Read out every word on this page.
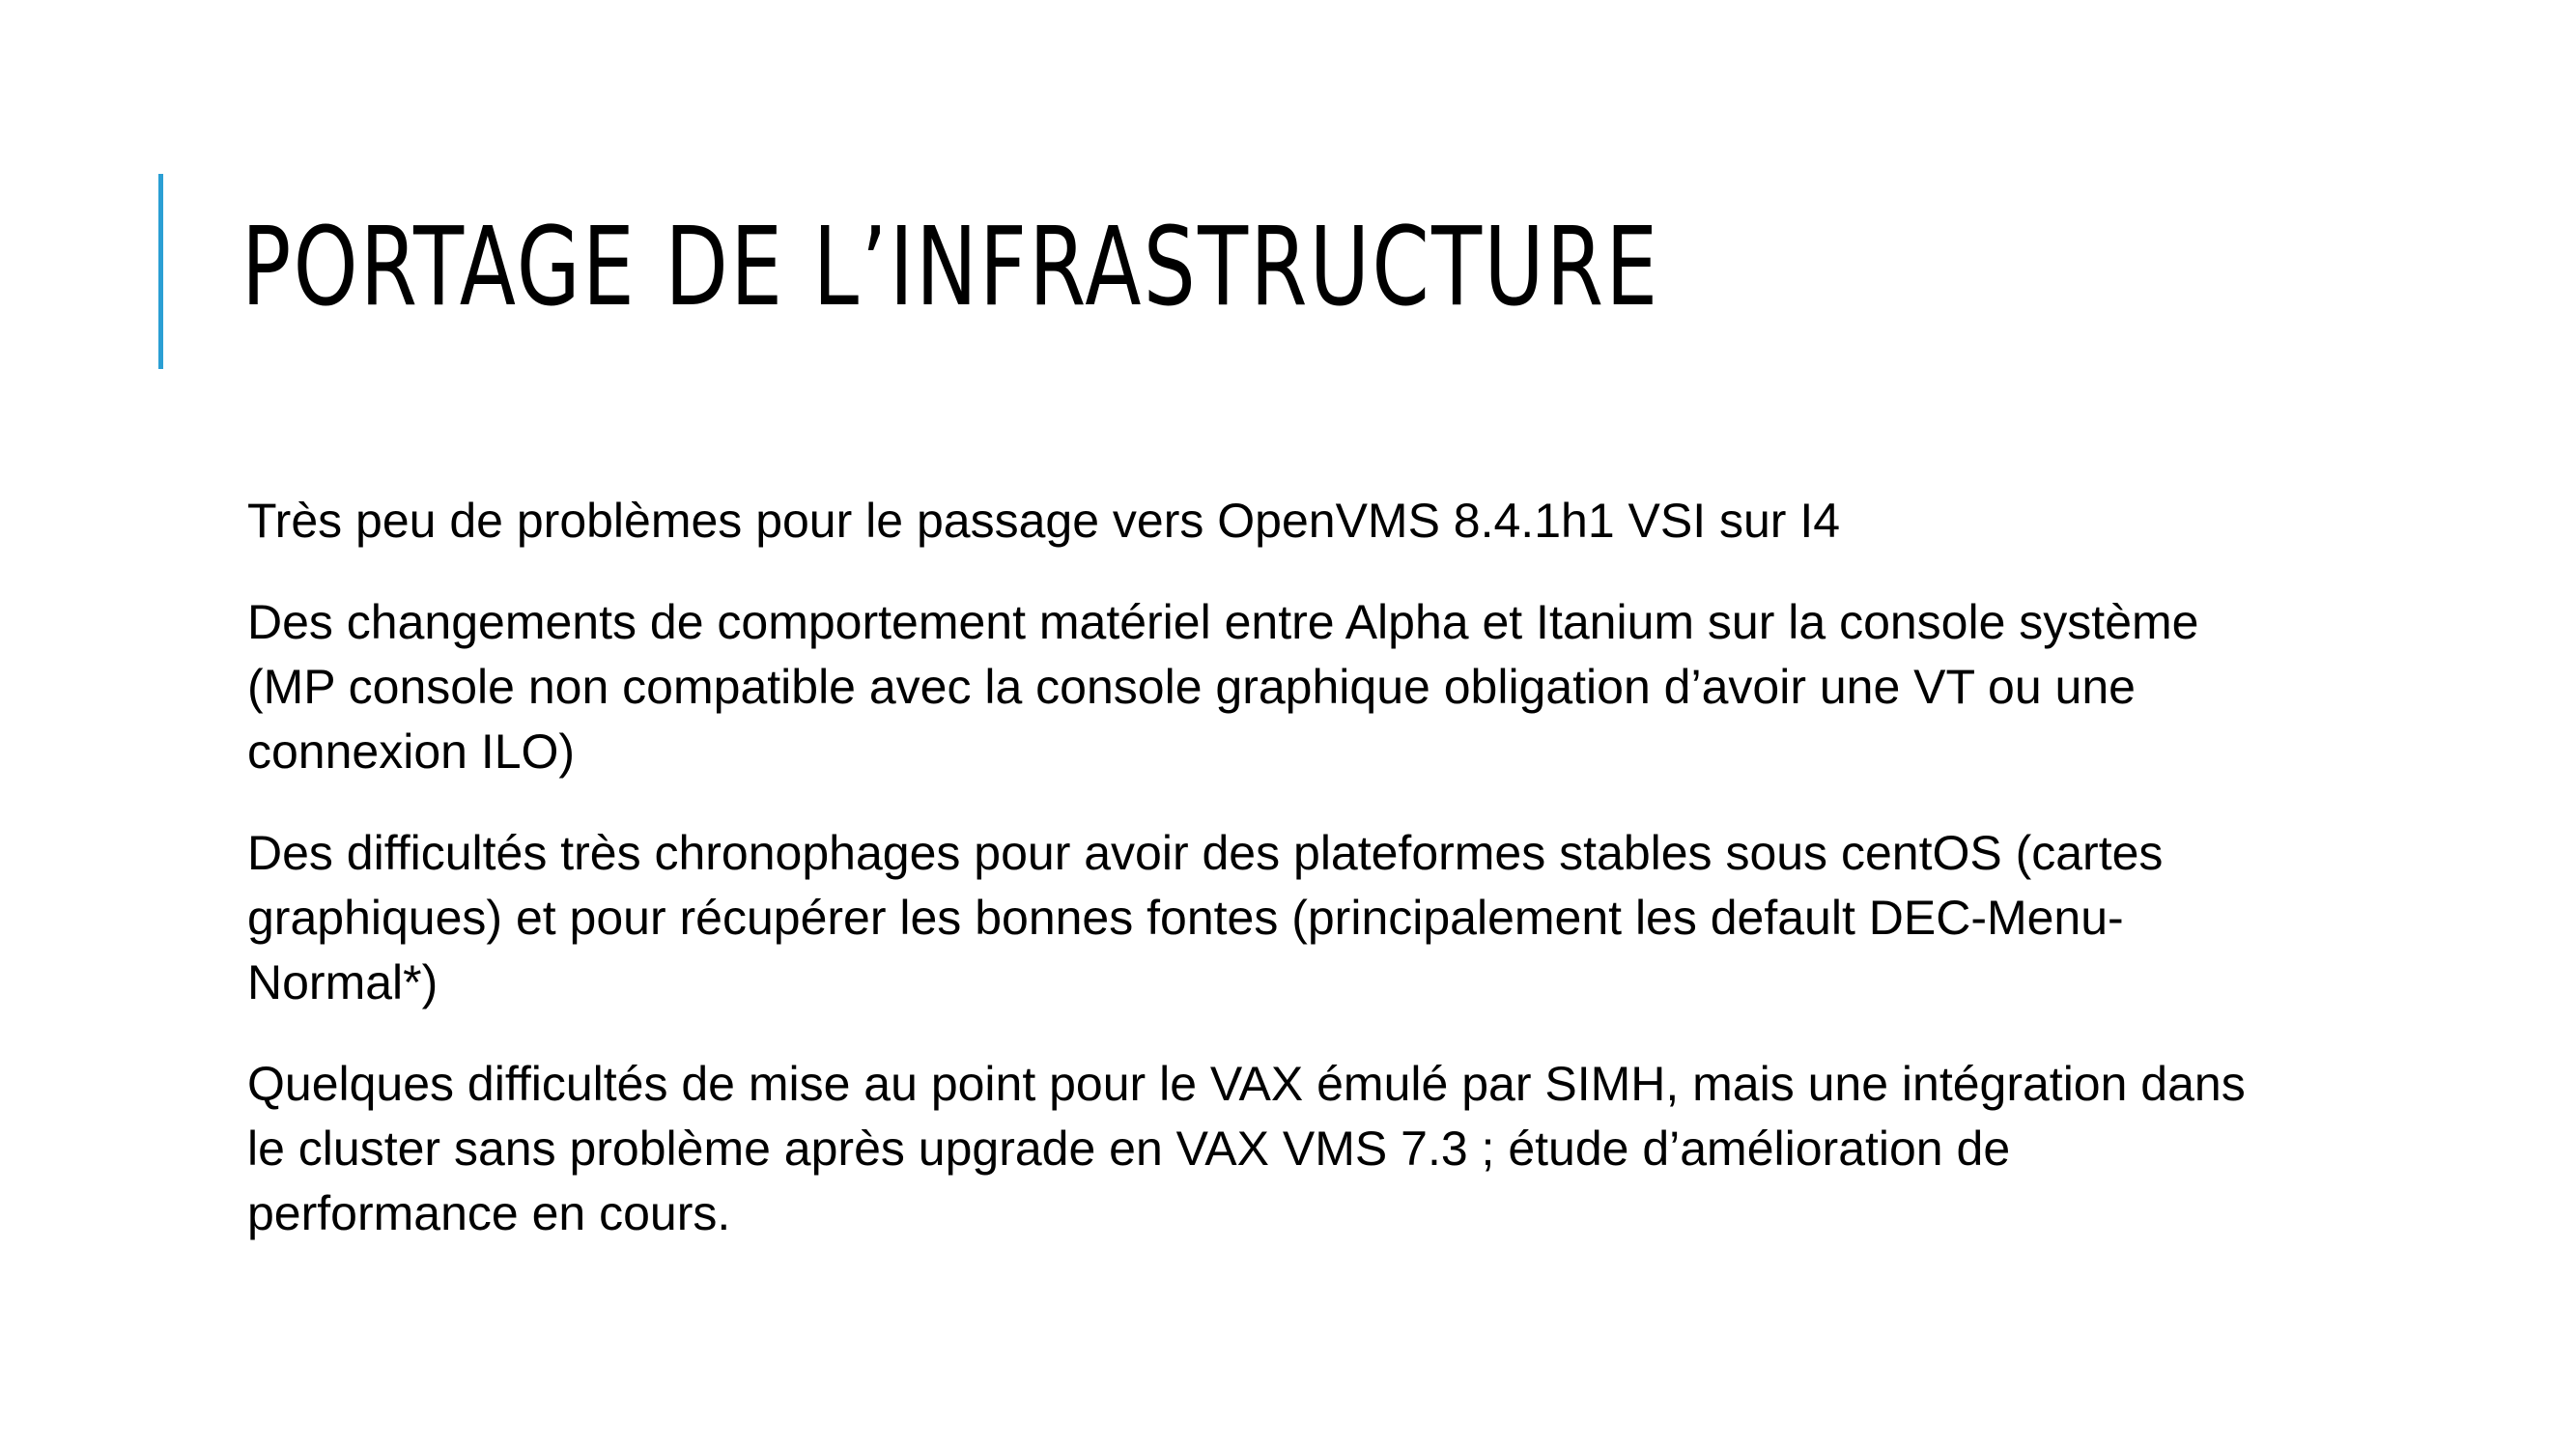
PORTAGE DE L’INFRASTRUCTURE
Très peu de problèmes pour le passage vers OpenVMS 8.4.1h1 VSI sur I4
Des changements de comportement matériel entre Alpha et Itanium sur la console système (MP console non compatible avec la console graphique obligation d’avoir une VT ou une connexion ILO)
Des difficultés très chronophages pour avoir des plateformes stables sous centOS (cartes graphiques) et pour récupérer les bonnes fontes (principalement les default DEC-Menu-Normal*)
Quelques difficultés de mise au point pour le VAX émulé par SIMH, mais une intégration dans le cluster sans problème après upgrade en VAX VMS 7.3 ; étude d’amélioration de performance en cours.
